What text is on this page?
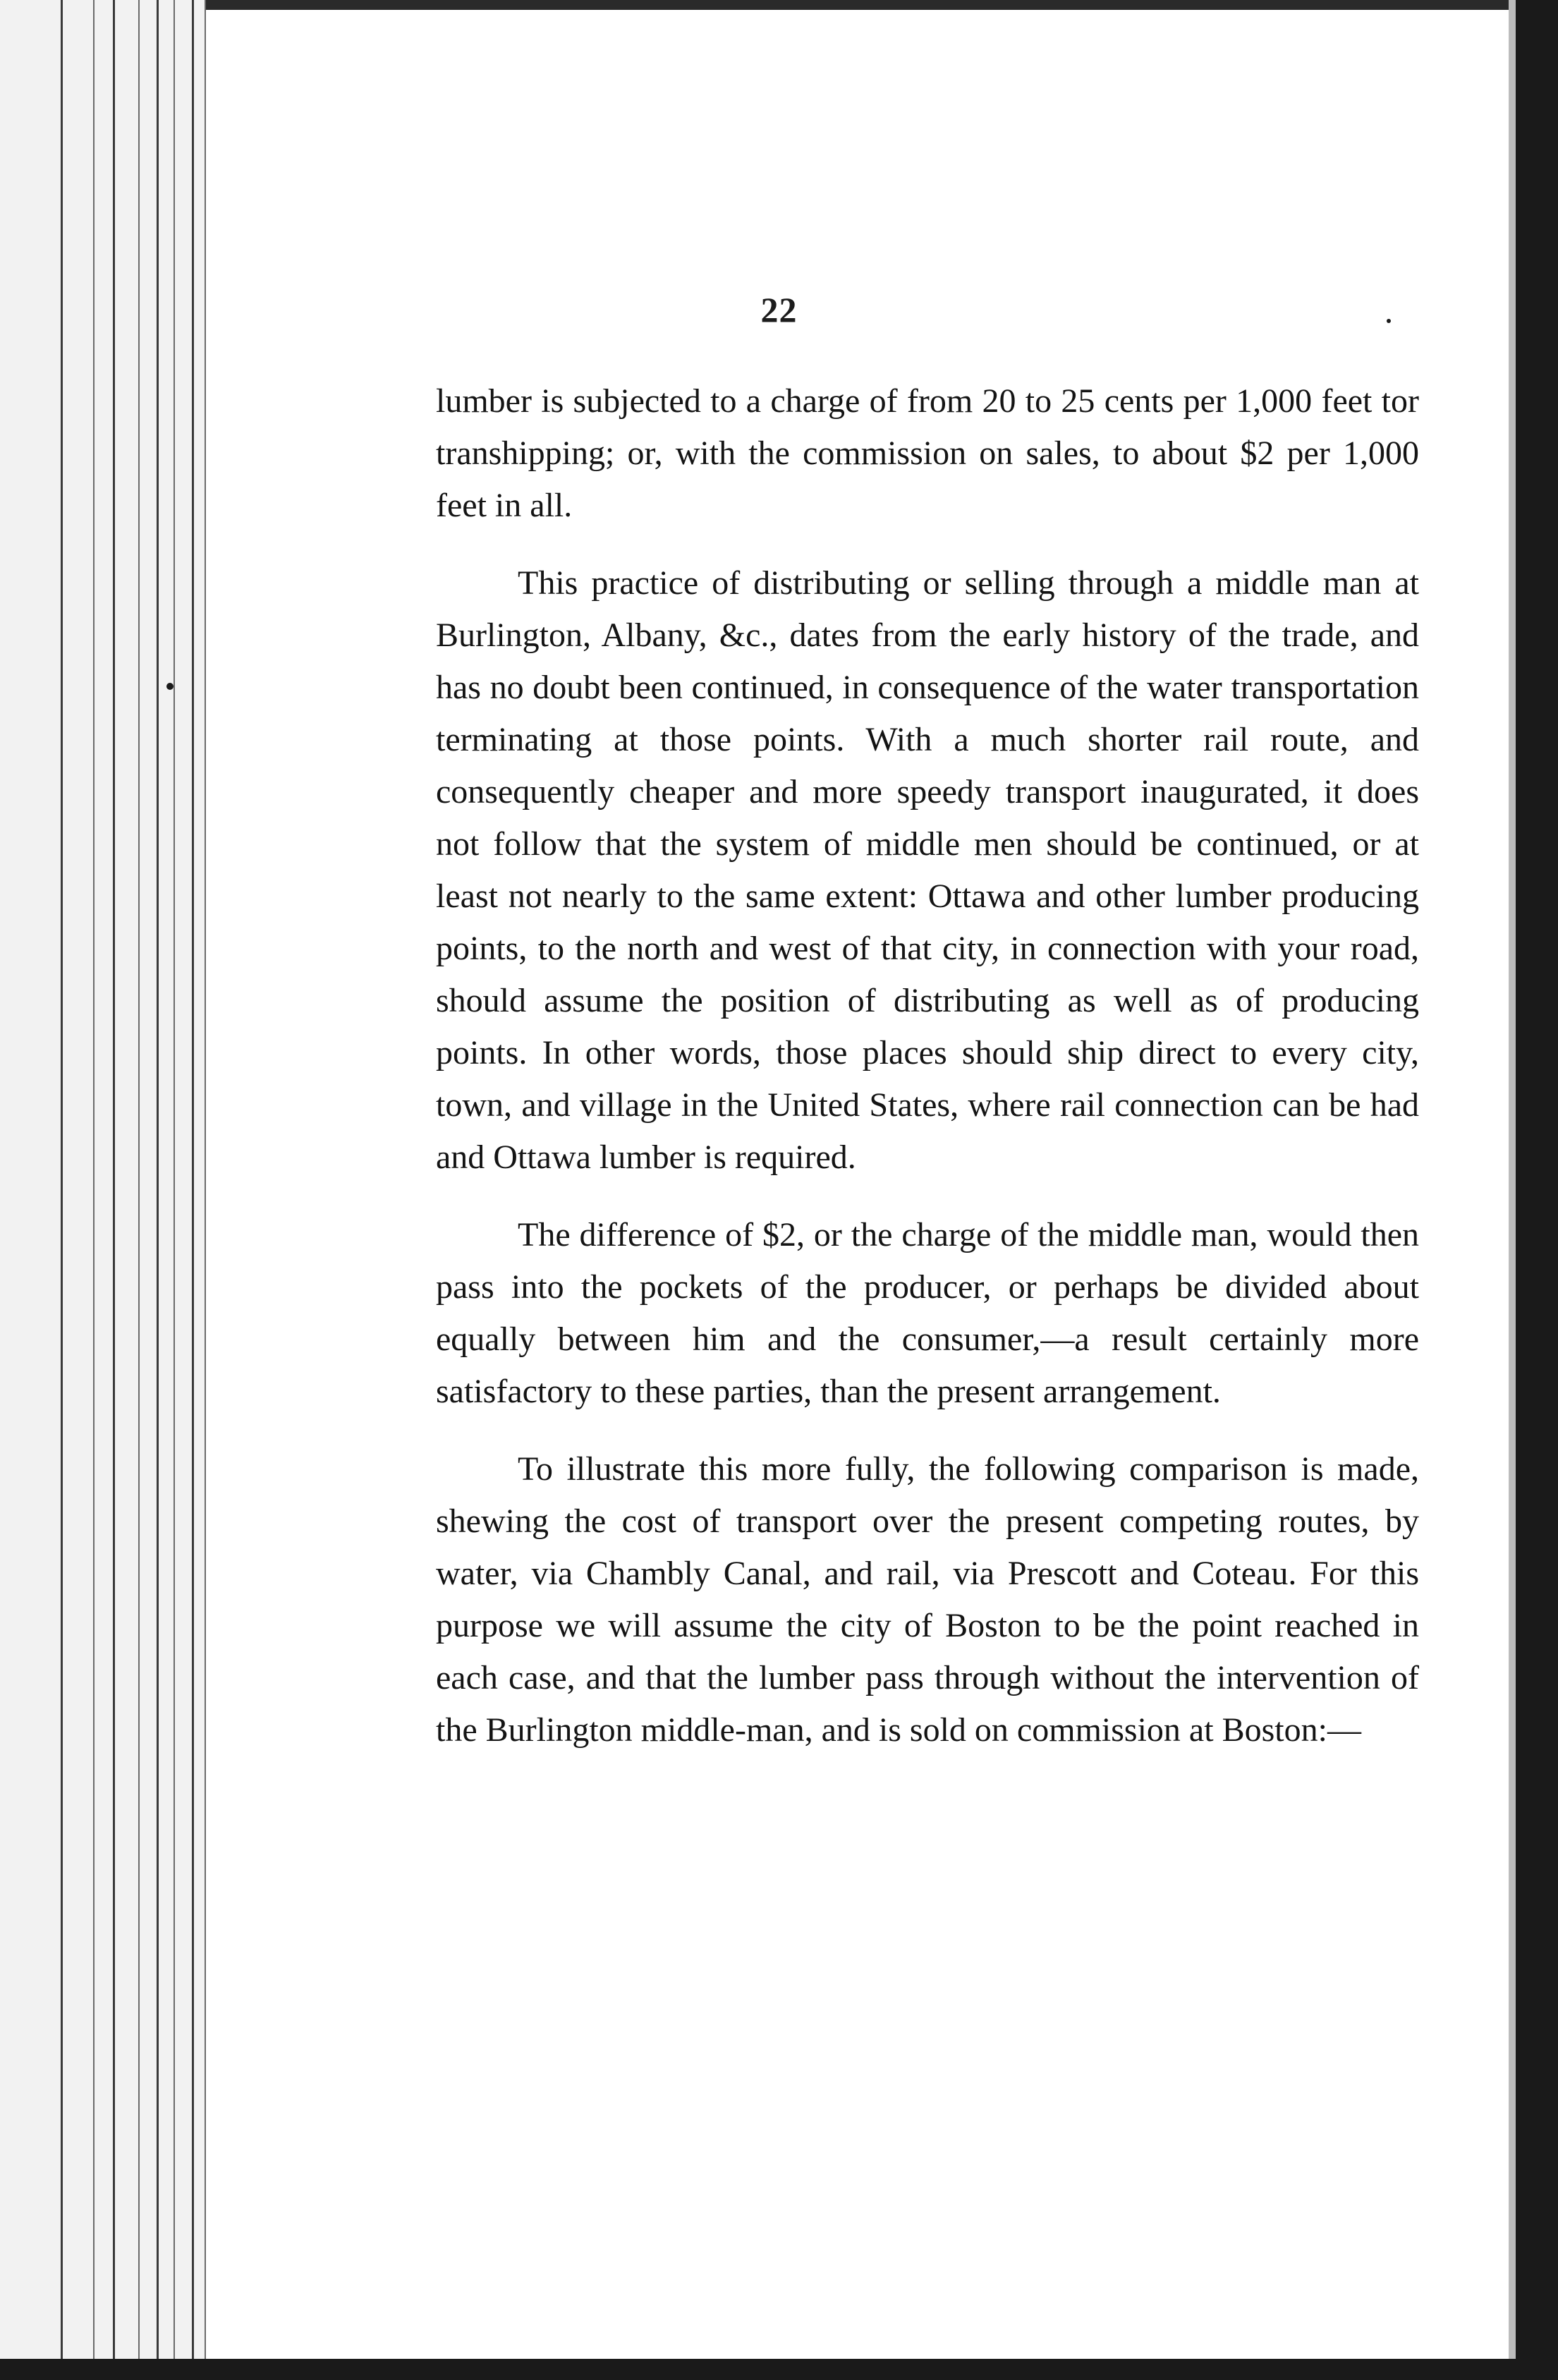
22

lumber is subjected to a charge of from 20 to 25 cents per 1,000 feet tor transhipping; or, with the commission on sales, to about $2 per 1,000 feet in all.

This practice of distributing or selling through a middle man at Burlington, Albany, &c., dates from the early history of the trade, and has no doubt been continued, in consequence of the water transportation terminating at those points. With a much shorter rail route, and consequently cheaper and more speedy transport inaugurated, it does not follow that the system of middle men should be continued, or at least not nearly to the same extent: Ottawa and other lumber producing points, to the north and west of that city, in connection with your road, should assume the position of distributing as well as of producing points. In other words, those places should ship direct to every city, town, and village in the United States, where rail connection can be had and Ottawa lumber is required.

The difference of $2, or the charge of the middle man, would then pass into the pockets of the producer, or perhaps be divided about equally between him and the consumer,—a result certainly more satisfactory to these parties, than the present arrangement.

To illustrate this more fully, the following comparison is made, shewing the cost of transport over the present competing routes, by water, via Chambly Canal, and rail, via Prescott and Coteau. For this purpose we will assume the city of Boston to be the point reached in each case, and that the lumber pass through without the intervention of the Burlington middle-man, and is sold on commission at Boston:—
